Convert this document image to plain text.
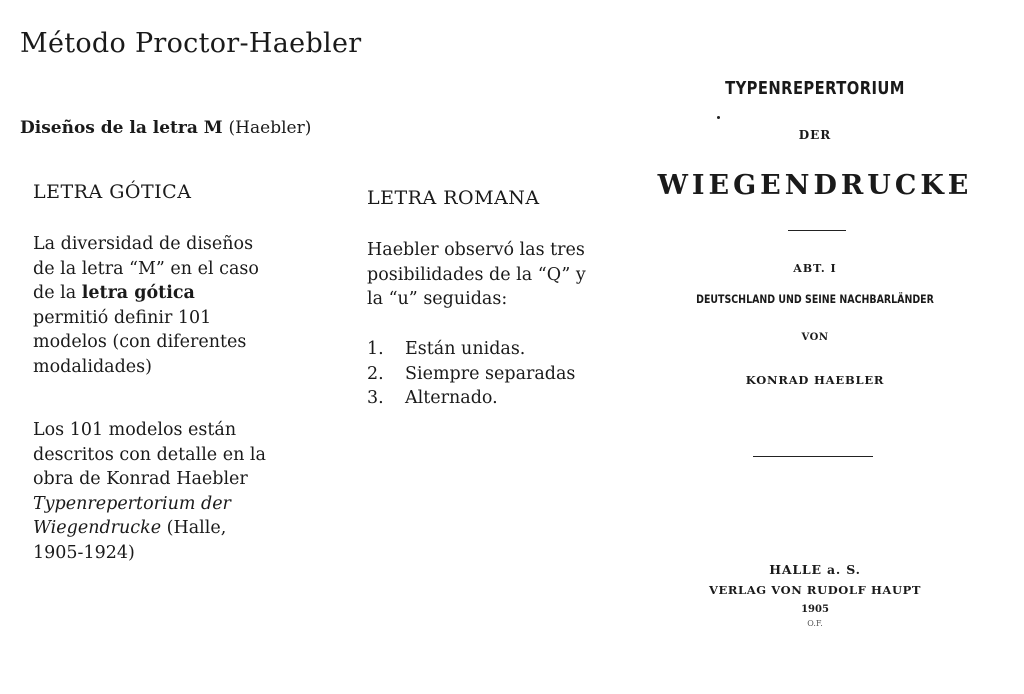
Método Proctor-Haebler
Diseños de la letra M (Haebler)
LETRA GÓTICA
La diversidad de diseños de la letra “M” en el caso de la letra gótica permitió definir 101 modelos (con diferentes modalidades)
Los 101 modelos están descritos con detalle en la obra de Konrad Haebler Typenrepertorium der Wiegendrucke (Halle, 1905-1924)
LETRA ROMANA
Haebler observó las tres posibilidades de la “Q” y la “u” seguidas:
1. Están unidas.
2. Siempre separadas
3. Alternado.
TYPENREPERTORIUM
DER
WIEGENDRUCKE
ABT. I
DEUTSCHLAND UND SEINE NACHBARLÄNDER
VON
KONRAD HAEBLER
HALLE a. S.
VERLAG VON RUDOLF HAUPT
1905
O.F.
